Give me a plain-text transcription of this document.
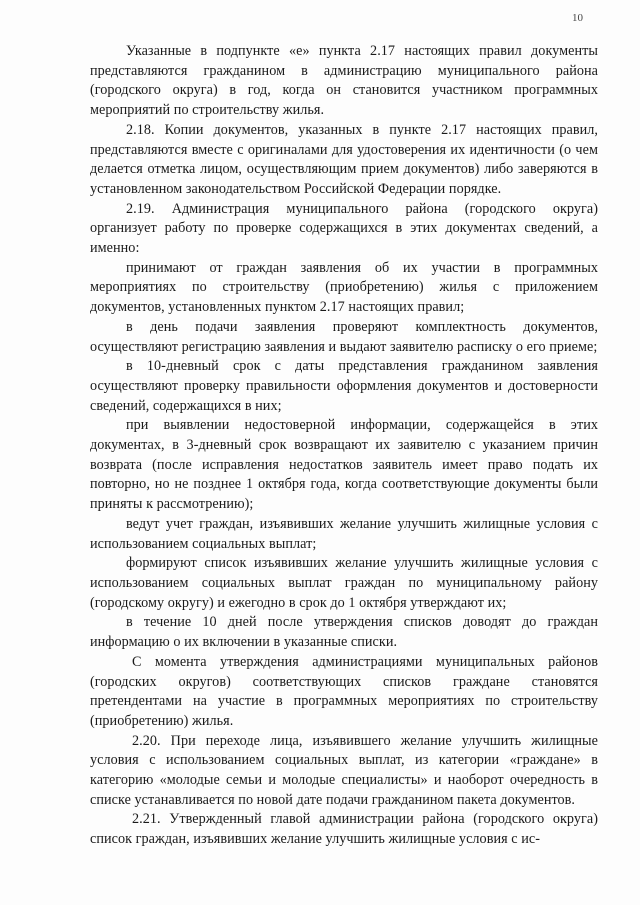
10

Указанные в подпункте «е» пункта 2.17 настоящих правил документы представляются гражданином в администрацию муниципального района (городского округа) в год, когда он становится участником программных мероприятий по строительству жилья.

2.18. Копии документов, указанных в пункте 2.17 настоящих правил, представляются вместе с оригиналами для удостоверения их идентичности (о чем делается отметка лицом, осуществляющим прием документов) либо заверяются в установленном законодательством Российской Федерации порядке.

2.19. Администрация муниципального района (городского округа) организует работу по проверке содержащихся в этих документах сведений, а именно:

принимают от граждан заявления об их участии в программных мероприятиях по строительству (приобретению) жилья с приложением документов, установленных пунктом 2.17 настоящих правил;

в день подачи заявления проверяют комплектность документов, осуществляют регистрацию заявления и выдают заявителю расписку о его приеме;

в 10-дневный срок с даты представления гражданином заявления осуществляют проверку правильности оформления документов и достоверности сведений, содержащихся в них;

при выявлении недостоверной информации, содержащейся в этих документах, в 3-дневный срок возвращают их заявителю с указанием причин возврата (после исправления недостатков заявитель имеет право подать их повторно, но не позднее 1 октября года, когда соответствующие документы были приняты к рассмотрению);

ведут учет граждан, изъявивших желание улучшить жилищные условия с использованием социальных выплат;

формируют список изъявивших желание улучшить жилищные условия с использованием социальных выплат граждан по муниципальному району (городскому округу) и ежегодно в срок до 1 октября утверждают их;

в течение 10 дней после утверждения списков доводят до граждан информацию о их включении в указанные списки.

С момента утверждения администрациями муниципальных районов (городских округов) соответствующих списков граждане становятся претендентами на участие в программных мероприятиях по строительству (приобретению) жилья.

2.20. При переходе лица, изъявившего желание улучшить жилищные условия с использованием социальных выплат, из категории «граждане» в категорию «молодые семьи и молодые специалисты» и наоборот очередность в списке устанавливается по новой дате подачи гражданином пакета документов.

2.21. Утвержденный главой администрации района (городского округа) список граждан, изъявивших желание улучшить жилищные условия с ис-
